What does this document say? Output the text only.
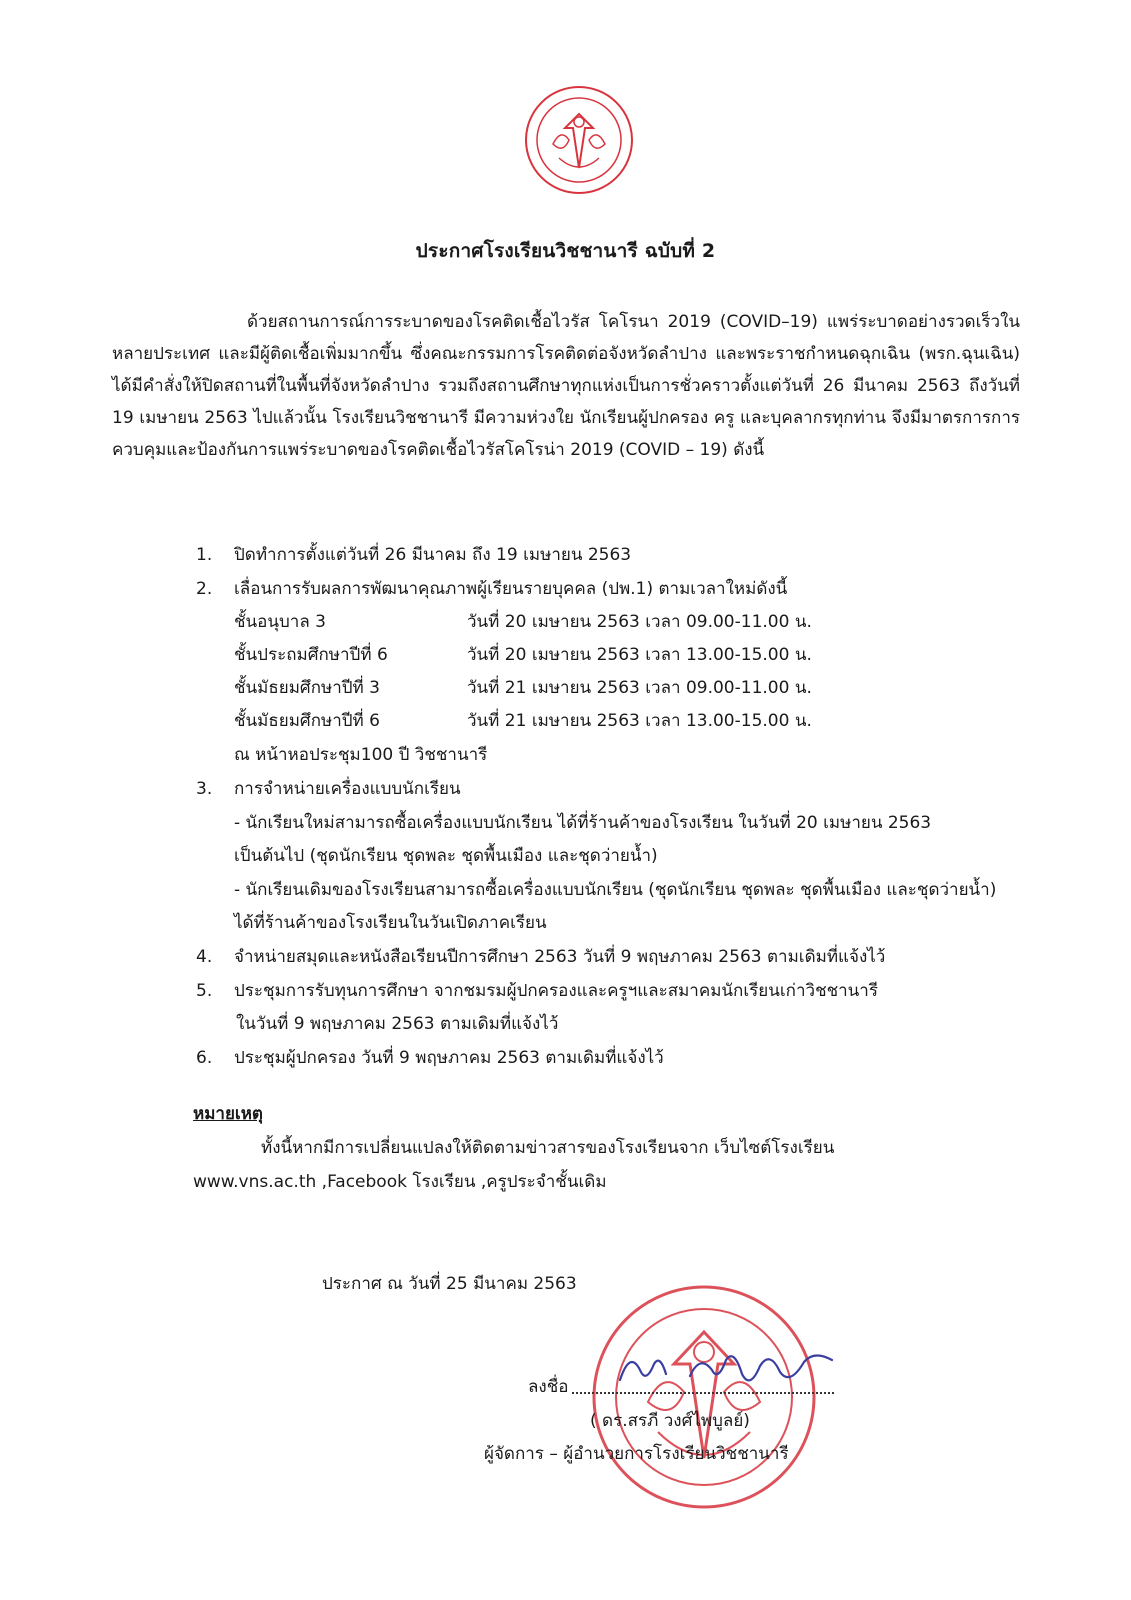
ประกาศโรงเรียนวิชชานารี ฉบับที่ 2
ด้วยสถานการณ์การระบาดของโรคติดเชื้อไวรัส โคโรนา 2019 (COVID–19) แพร่ระบาดอย่างรวดเร็วในหลายประเทศ และมีผู้ติดเชื้อเพิ่มมากขึ้น ซึ่งคณะกรรมการโรคติดต่อจังหวัดลำปาง และพระราชกำหนดฉุกเฉิน (พรก.ฉุนเฉิน) ได้มีคำสั่งให้ปิดสถานที่ในพื้นที่จังหวัดลำปาง รวมถึงสถานศึกษาทุกแห่งเป็นการชั่วคราวตั้งแต่วันที่ 26 มีนาคม 2563 ถึงวันที่ 19 เมษายน 2563 ไปแล้วนั้น โรงเรียนวิชชานารี มีความห่วงใย นักเรียนผู้ปกครอง ครู และบุคลากรทุกท่าน จึงมีมาตรการการควบคุมและป้องกันการแพร่ระบาดของโรคติดเชื้อไวรัสโคโรน่า 2019 (COVID – 19) ดังนี้
1. ปิดทำการตั้งแต่วันที่ 26 มีนาคม ถึง 19 เมษายน 2563
2. เลื่อนการรับผลการพัฒนาคุณภาพผู้เรียนรายบุคคล (ปพ.1) ตามเวลาใหม่ดังนี้
ชั้นอนุบาล 3	วันที่ 20 เมษายน 2563 เวลา 09.00-11.00 น.
ชั้นประถมศึกษาปีที่ 6	วันที่ 20 เมษายน 2563 เวลา 13.00-15.00 น.
ชั้นมัธยมศึกษาปีที่ 3	วันที่ 21 เมษายน 2563 เวลา 09.00-11.00 น.
ชั้นมัธยมศึกษาปีที่ 6	วันที่ 21 เมษายน 2563 เวลา 13.00-15.00 น.
ณ หน้าหอประชุม100 ปี วิชชานารี
3. การจำหน่ายเครื่องแบบนักเรียน
- นักเรียนใหม่สามารถซื้อเครื่องแบบนักเรียน ได้ที่ร้านค้าของโรงเรียน ในวันที่ 20 เมษายน 2563
เป็นต้นไป (ชุดนักเรียน ชุดพละ ชุดพื้นเมือง และชุดว่ายน้ำ)
- นักเรียนเดิมของโรงเรียนสามารถซื้อเครื่องแบบนักเรียน (ชุดนักเรียน ชุดพละ ชุดพื้นเมือง และชุดว่ายน้ำ)
ได้ที่ร้านค้าของโรงเรียนในวันเปิดภาคเรียน
4. จำหน่ายสมุดและหนังสือเรียนปีการศึกษา 2563 วันที่ 9 พฤษภาคม 2563 ตามเดิมที่แจ้งไว้
5. ประชุมการรับทุนการศึกษา จากชมรมผู้ปกครองและครูฯและสมาคมนักเรียนเก่าวิชชานารี
ในวันที่ 9 พฤษภาคม 2563 ตามเดิมที่แจ้งไว้
6. ประชุมผู้ปกครอง วันที่ 9 พฤษภาคม 2563 ตามเดิมที่แจ้งไว้
หมายเหตุ
ทั้งนี้หากมีการเปลี่ยนแปลงให้ติดตามข่าวสารของโรงเรียนจาก เว็บไซต์โรงเรียน
www.vns.ac.th ,Facebook โรงเรียน ,ครูประจำชั้นเดิม
ประกาศ ณ วันที่ 25 มีนาคม 2563
ลงชื่อ
( ดร.สรภี วงศ์ไพบูลย์)
ผู้จัดการ – ผู้อำนวยการโรงเรียนวิชชานารี
